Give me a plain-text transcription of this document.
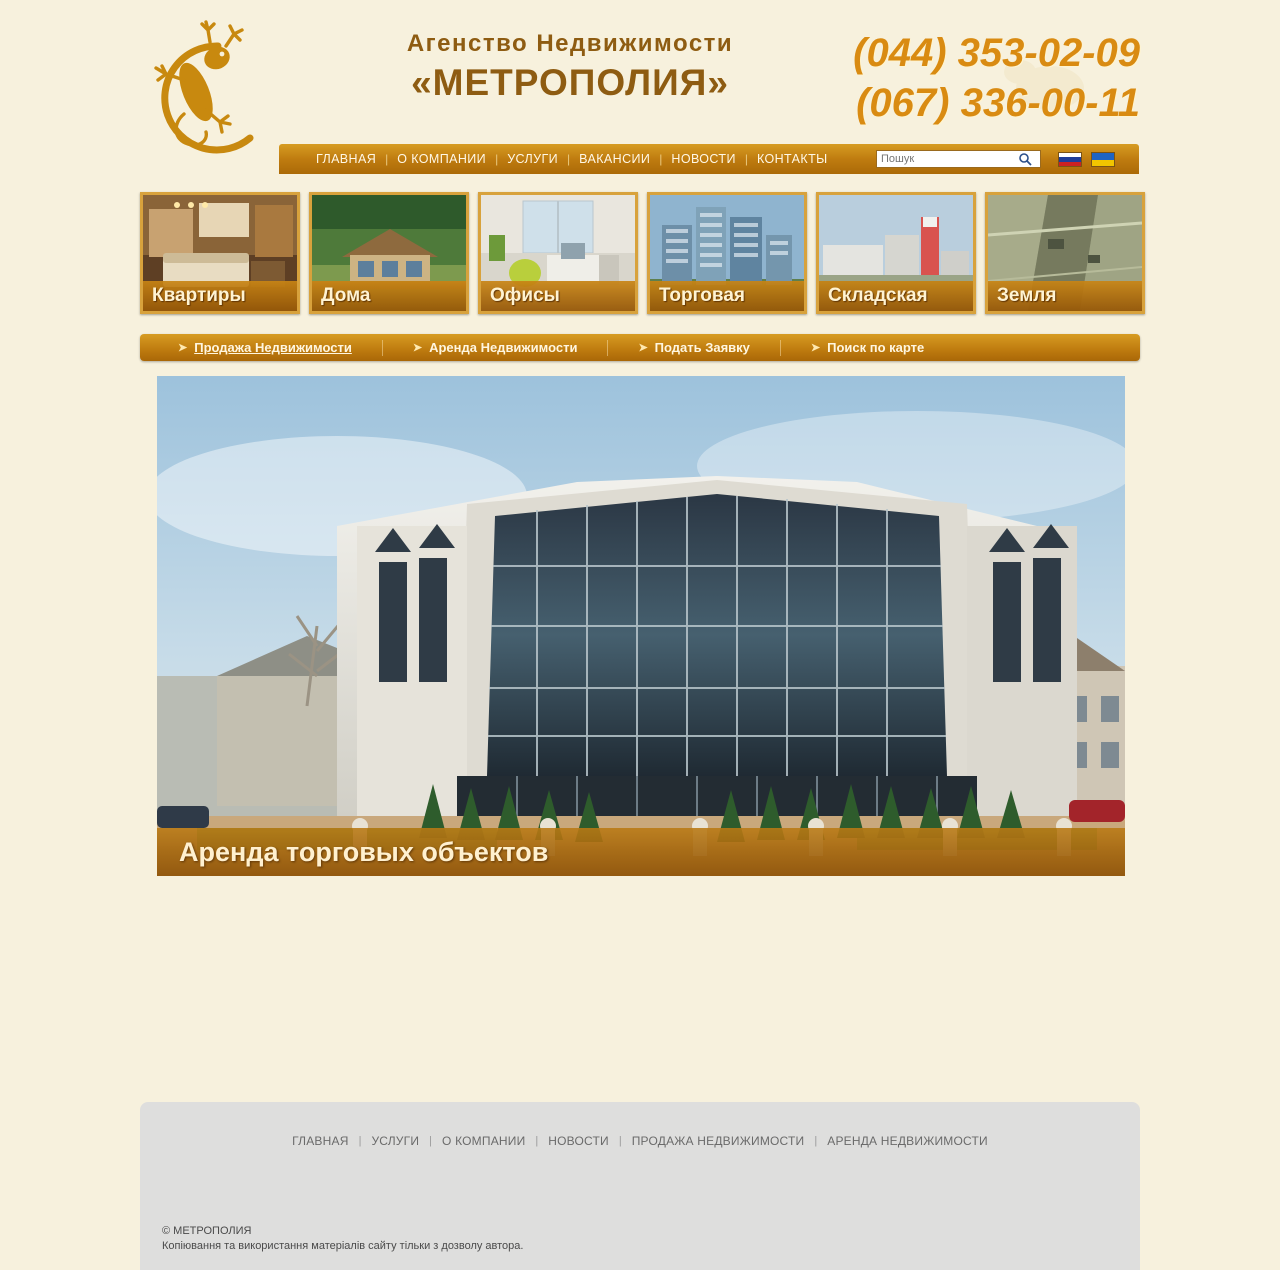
Агенство Недвижимости
«МЕТРОПОЛИЯ»
(044) 353-02-09
(067) 336-00-11
ГЛАВНАЯ | О КОМПАНИИ | УСЛУГИ | ВАКАНСИИ | НОВОСТИ | КОНТАКТЫ
Пошук
Квартиры	Дома	Офисы	Торговая	Складская	Земля
➤ Продажа Недвижимости	➤ Аренда Недвижимости	➤ Подать Заявку	➤ Поиск по карте
Аренда торговых объектов
ГЛАВНАЯ | УСЛУГИ | О КОМПАНИИ | НОВОСТИ | ПРОДАЖА НЕДВИЖИМОСТИ | АРЕНДА НЕДВИЖИМОСТИ
© МЕТРОПОЛИЯ
Копіювання та використання матеріалів сайту тільки з дозволу автора.
